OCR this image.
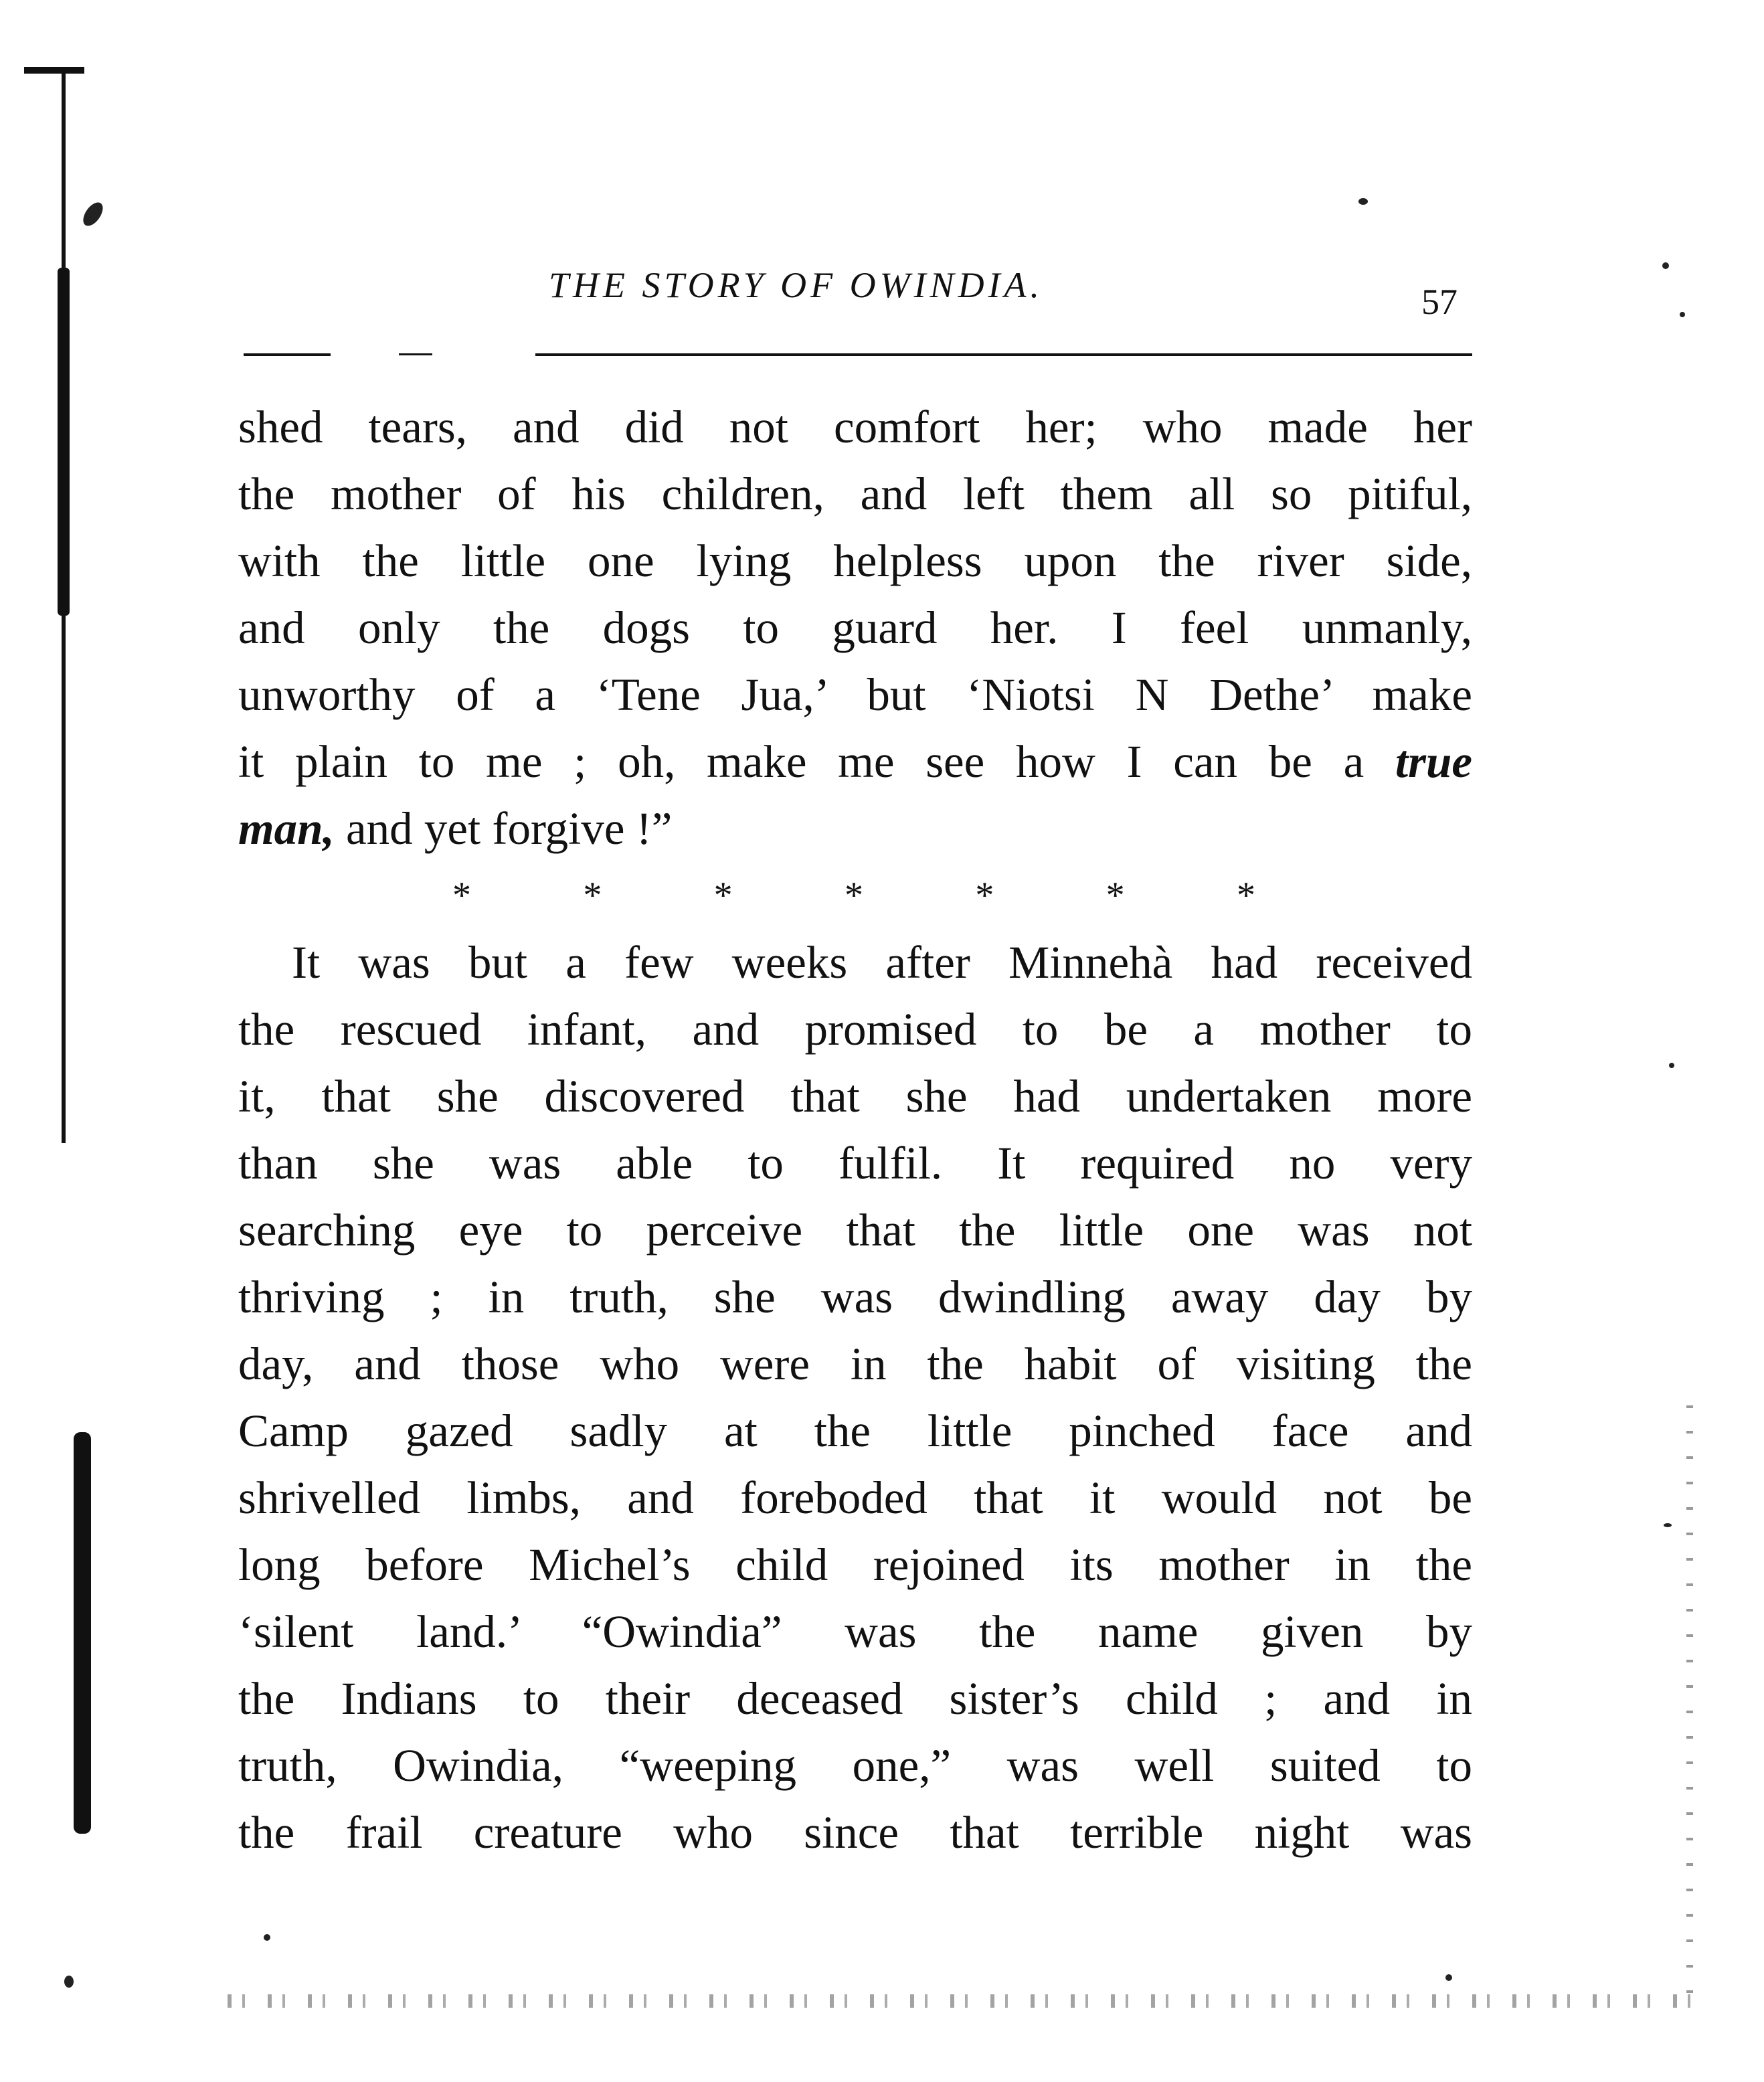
THE STORY OF OWINDIA.	57
shed tears, and did not comfort her; who made her
the mother of his children, and left them all so pitiful,
with the little one lying helpless upon the river side,
and only the dogs to guard her. I feel unmanly,
unworthy of a ‘Tene Jua,’ but ‘Niotsi N Dethe’ make
it plain to me ; oh, make me see how I can be a true
man, and yet forgive !”
*	*	*	*	*	*	*
It was but a few weeks after Minnehà had received
the rescued infant, and promised to be a mother to
it, that she discovered that she had undertaken more
than she was able to fulfil. It required no very
searching eye to perceive that the little one was not
thriving ; in truth, she was dwindling away day by
day, and those who were in the habit of visiting the
Camp gazed sadly at the little pinched face and
shrivelled limbs, and foreboded that it would not be
long before Michel’s child rejoined its mother in the
‘silent land.’ “Owindia” was the name given by
the Indians to their deceased sister’s child ; and in
truth, Owindia, “weeping one,” was well suited to
the frail creature who since that terrible night was
